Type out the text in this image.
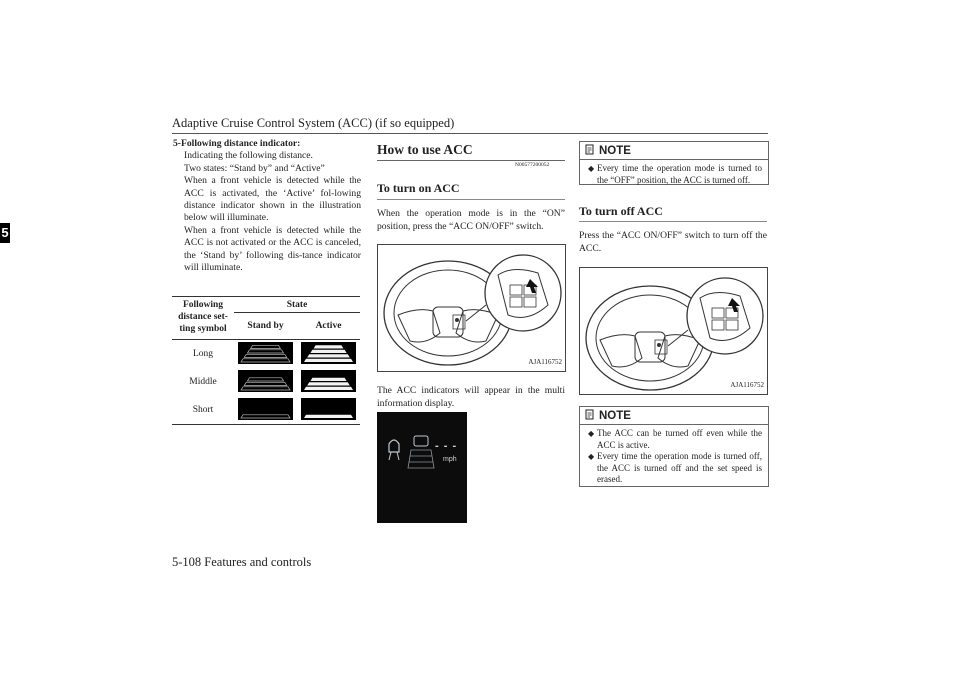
Adaptive Cruise Control System (ACC) (if so equipped)
5
5-108 Features and controls
5-Following distance indicator:
Indicating the following distance.
Two states: “Stand by” and “Active”
When a front vehicle is detected while the ACC is activated, the ‘Active’ fol-lowing distance indicator shown in the illustration below will illuminate.
When a front vehicle is detected while the ACC is not activated or the ACC is canceled, the ‘Stand by’ following dis-tance indicator will illuminate.
Following distance set-ting symbol	State	
	Stand by	Active
Long		
Middle		
Short		
How to use ACC
N00577200052
To turn on ACC
When the operation mode is in the “ON” position, press the “ACC ON/OFF” switch.
AJA116752
The ACC indicators will appear in the multi information display.
- - -
mph
NOTE
◆ Every time the operation mode is turned to the “OFF” position, the ACC is turned off.
To turn off ACC
Press the “ACC ON/OFF” switch to turn off the ACC.
AJA116752
NOTE
◆ The ACC can be turned off even while the ACC is active.
◆ Every time the operation mode is turned off, the ACC is turned off and the set speed is erased.
